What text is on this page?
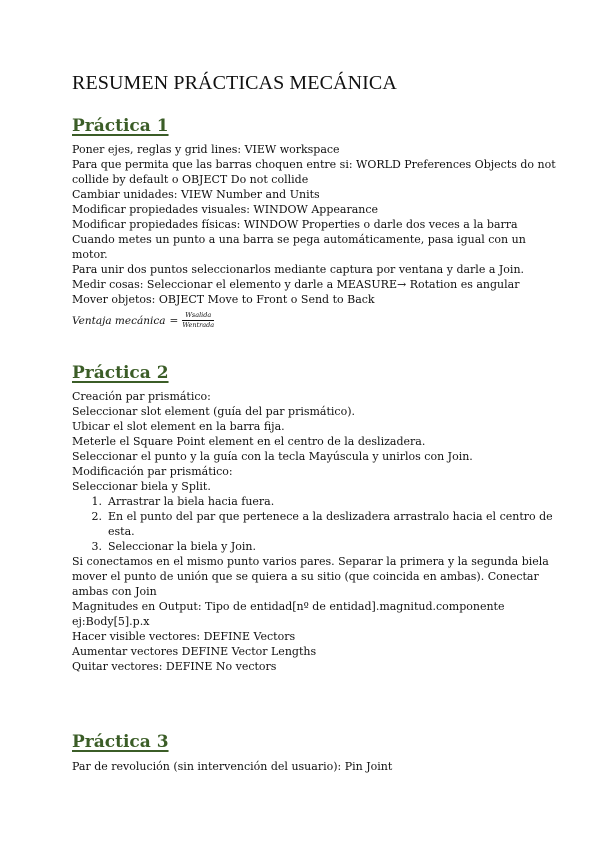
RESUMEN PRÁCTICAS MECÁNICA
Práctica 1

Poner ejes, reglas y grid lines: VIEW workspace

Para que permita que las barras choquen entre si: WORLD Preferences Objects do not

collide by default o OBJECT Do not collide

Cambiar unidades: VIEW Number and Units

Modificar propiedades visuales: WINDOW Appearance

Modificar propiedades físicas: WINDOW Properties o darle dos veces a la barra

Cuando metes un punto a una barra se pega automáticamente, pasa igual con un

motor.

Para unir dos puntos seleccionarlos mediante captura por ventana y darle a Join.

Medir cosas: Seleccionar el elemento y darle a MEASURE→ Rotation es angular

Mover objetos: OBJECT Move to Front o Send to Back

Ventaja mecánica = $\frac{\text{Wsalida}}{\text{Wentrada}}$
Práctica 2

Creación par prismático:

Seleccionar slot element (guía del par prismático).

Ubicar el slot element en la barra fija.

Meterle el Square Point element en el centro de la deslizadera.

Seleccionar el punto y la guía con la tecla Mayúscula y unirlos con Join.

Modificación par prismático:

Seleccionar biela y Split.

1. Arrastrar la biela hacia fuera.

2. En el punto del par que pertenece a la deslizadera arrastralo hacia el centro de

esta.

3. Seleccionar la biela y Join.

Si conectamos en el mismo punto varios pares. Separar la primera y la segunda biela

mover el punto de unión que se quiera a su sitio (que coincida en ambas). Conectar

ambas con Join

Magnitudes en Output: Tipo de entidad[nº de entidad].magnitud.componente

ej:Body[5].p.x

Hacer visible vectores: DEFINE Vectors

Aumentar vectores DEFINE Vector Lengths

Quitar vectores: DEFINE No vectors

Práctica 3

Par de revolución (sin intervención del usuario): Pin Joint
